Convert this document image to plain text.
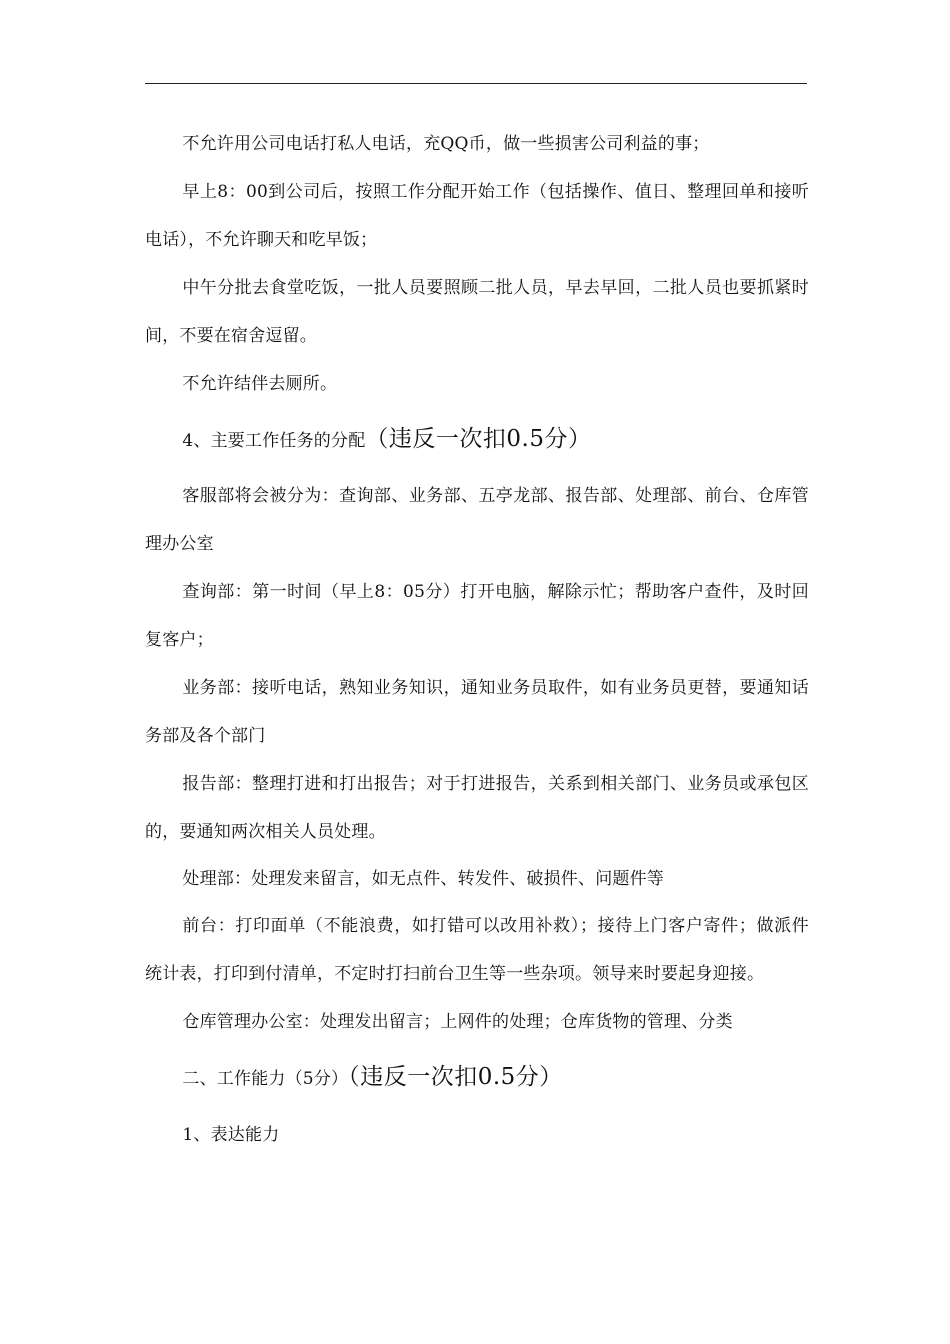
不允许用公司电话打私人电话，充QQ币，做一些损害公司利益的事；

早上8：00到公司后，按照工作分配开始工作（包括操作、值日、整理回单和接听电话），不允许聊天和吃早饭；

中午分批去食堂吃饭，一批人员要照顾二批人员，早去早回，二批人员也要抓紧时间，不要在宿舍逗留。

不允许结伴去厕所。

4、主要工作任务的分配（违反一次扣0.5分）

客服部将会被分为：查询部、业务部、五亭龙部、报告部、处理部、前台、仓库管理办公室

查询部：第一时间（早上8：05分）打开电脑，解除示忙；帮助客户查件，及时回复客户；

业务部：接听电话，熟知业务知识，通知业务员取件，如有业务员更替，要通知话务部及各个部门

报告部：整理打进和打出报告；对于打进报告，关系到相关部门、业务员或承包区的，要通知两次相关人员处理。

处理部：处理发来留言，如无点件、转发件、破损件、问题件等

前台：打印面单（不能浪费，如打错可以改用补救）；接待上门客户寄件；做派件统计表，打印到付清单，不定时打扫前台卫生等一些杂项。领导来时要起身迎接。

仓库管理办公室：处理发出留言；上网件的处理；仓库货物的管理、分类

二、工作能力（5分）（违反一次扣0.5分）

1、表达能力
